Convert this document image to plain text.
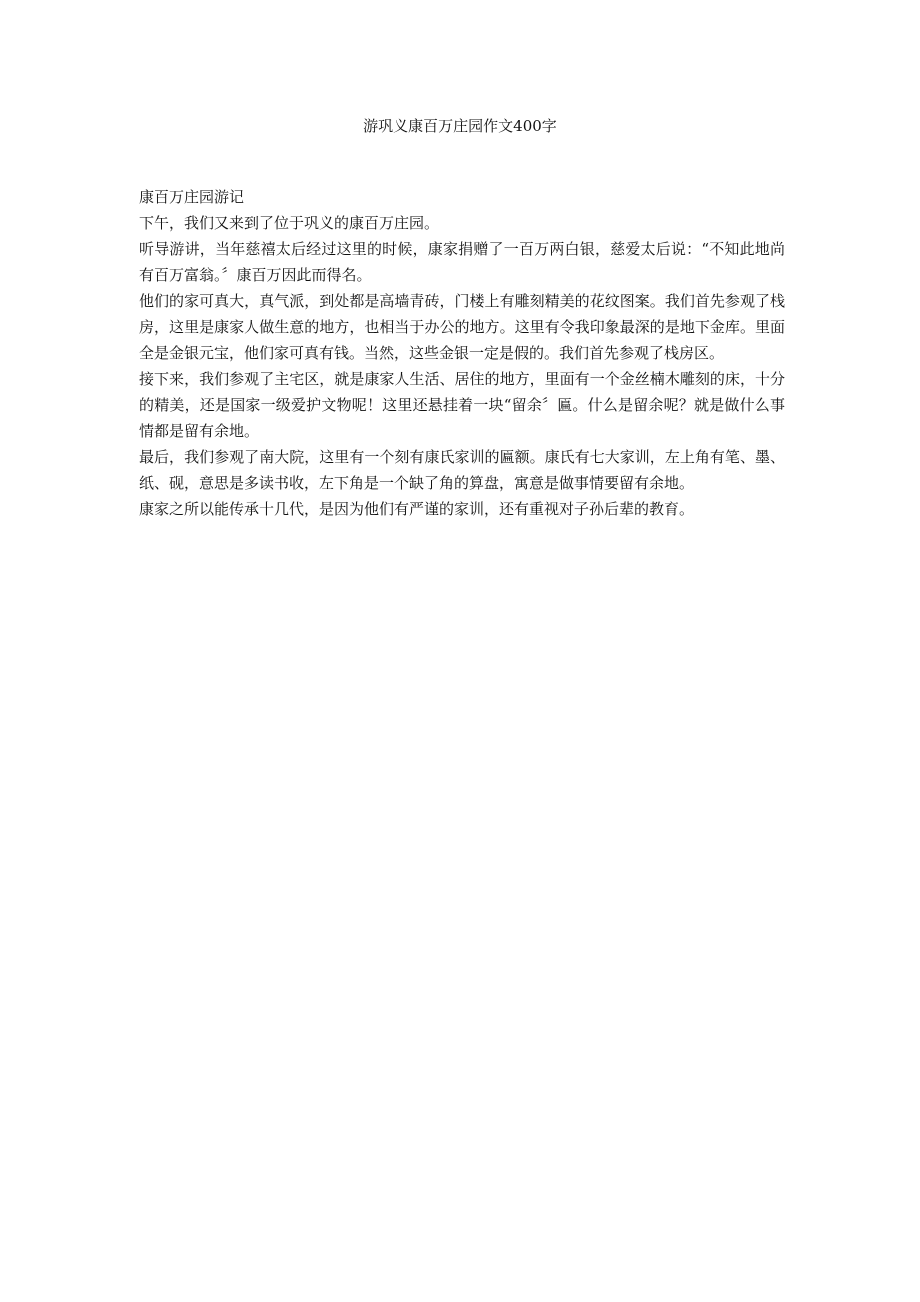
游巩义康百万庄园作文400字

康百万庄园游记

下午，我们又来到了位于巩义的康百万庄园。

听导游讲，当年慈禧太后经过这里的时候，康家捐赠了一百万两白银，慈爱太后说：“不知此地尚有百万富翁。〞康百万因此而得名。

他们的家可真大，真气派，到处都是高墙青砖，门楼上有雕刻精美的花纹图案。我们首先参观了栈房，这里是康家人做生意的地方，也相当于办公的地方。这里有令我印象最深的是地下金库。里面全是金银元宝，他们家可真有钱。当然，这些金银一定是假的。我们首先参观了栈房区。

接下来，我们参观了主宅区，就是康家人生活、居住的地方，里面有一个金丝楠木雕刻的床，十分的精美，还是国家一级爱护文物呢！这里还悬挂着一块“留余〞匾。什么是留余呢？就是做什么事情都是留有余地。

最后，我们参观了南大院，这里有一个刻有康氏家训的匾额。康氏有七大家训，左上角有笔、墨、纸、砚，意思是多读书收，左下角是一个缺了角的算盘，寓意是做事情要留有余地。

康家之所以能传承十几代，是因为他们有严谨的家训，还有重视对子孙后辈的教育。
